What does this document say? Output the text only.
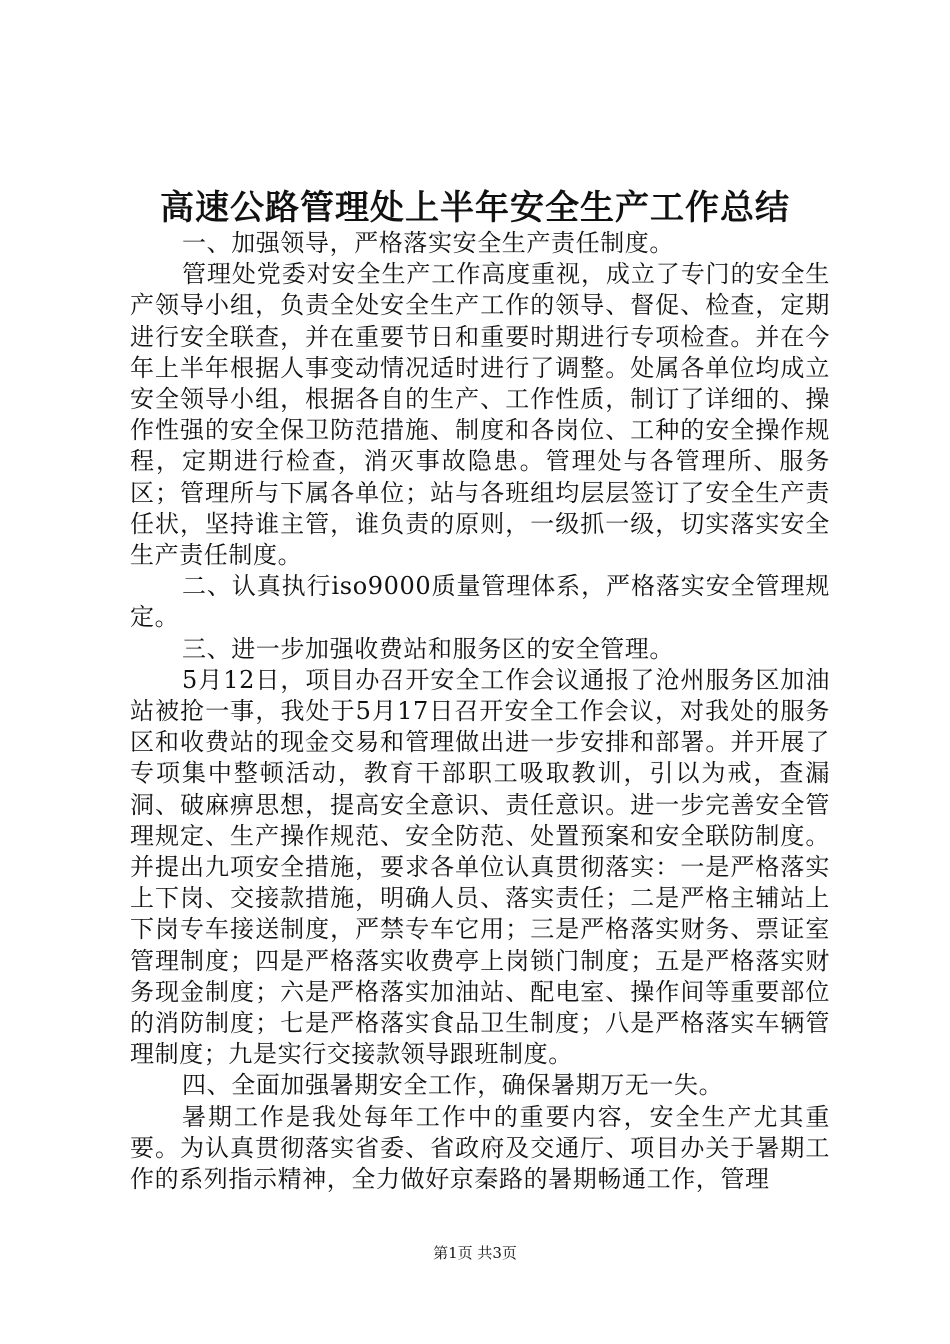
高速公路管理处上半年安全生产工作总结

一、加强领导，严格落实安全生产责任制度。

管理处党委对安全生产工作高度重视，成立了专门的安全生产领导小组，负责全处安全生产工作的领导、督促、检查，定期进行安全联查，并在重要节日和重要时期进行专项检查。并在今年上半年根据人事变动情况适时进行了调整。处属各单位均成立安全领导小组，根据各自的生产、工作性质，制订了详细的、操作性强的安全保卫防范措施、制度和各岗位、工种的安全操作规程，定期进行检查，消灭事故隐患。管理处与各管理所、服务区；管理所与下属各单位；站与各班组均层层签订了安全生产责任状，坚持谁主管，谁负责的原则，一级抓一级，切实落实安全生产责任制度。

二、认真执行iso9000质量管理体系，严格落实安全管理规定。

三、进一步加强收费站和服务区的安全管理。

5月12日，项目办召开安全工作会议通报了沧州服务区加油站被抢一事，我处于5月17日召开安全工作会议，对我处的服务区和收费站的现金交易和管理做出进一步安排和部署。并开展了专项集中整顿活动，教育干部职工吸取教训，引以为戒，查漏洞、破麻痹思想，提高安全意识、责任意识。进一步完善安全管理规定、生产操作规范、安全防范、处置预案和安全联防制度。并提出九项安全措施，要求各单位认真贯彻落实：一是严格落实上下岗、交接款措施，明确人员、落实责任；二是严格主辅站上下岗专车接送制度，严禁专车它用；三是严格落实财务、票证室管理制度；四是严格落实收费亭上岗锁门制度；五是严格落实财务现金制度；六是严格落实加油站、配电室、操作间等重要部位的消防制度；七是严格落实食品卫生制度；八是严格落实车辆管理制度；九是实行交接款领导跟班制度。

四、全面加强暑期安全工作，确保暑期万无一失。

暑期工作是我处每年工作中的重要内容，安全生产尤其重要。为认真贯彻落实省委、省政府及交通厅、项目办关于暑期工作的系列指示精神，全力做好京秦路的暑期畅通工作，管理

第1页 共3页
